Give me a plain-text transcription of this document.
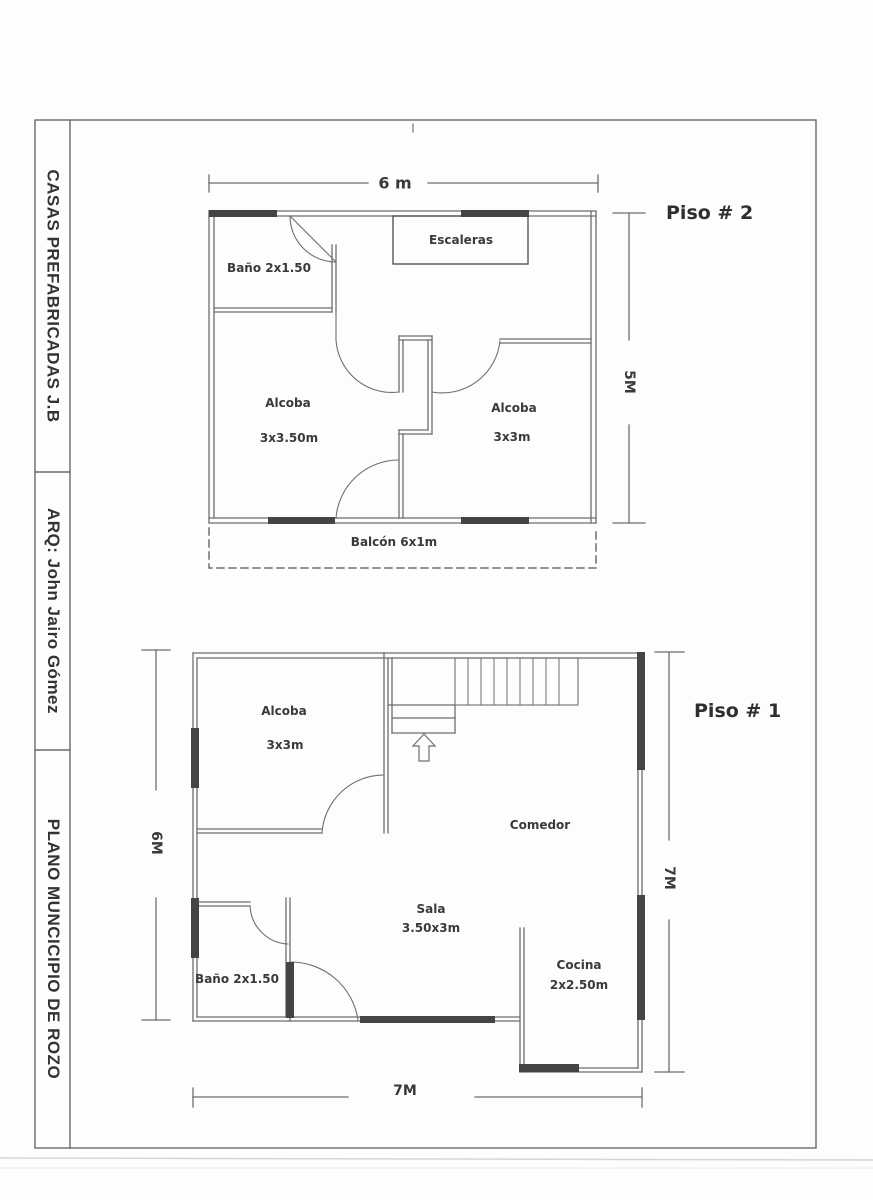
CASAS PREFABRICADAS J.B
ARQ: John Jairo Gómez
PLANO MUNCICIPIO DE ROZO
Piso # 2
6 m
5M
Baño 2x1.50
Escaleras
Alcoba
3x3.50m
Alcoba
3x3m
Balcón 6x1m
Piso # 1
7M
6M
7M
Alcoba
3x3m
Comedor
Sala
3.50x3m
Cocina
2x2.50m
Baño 2x1.50
